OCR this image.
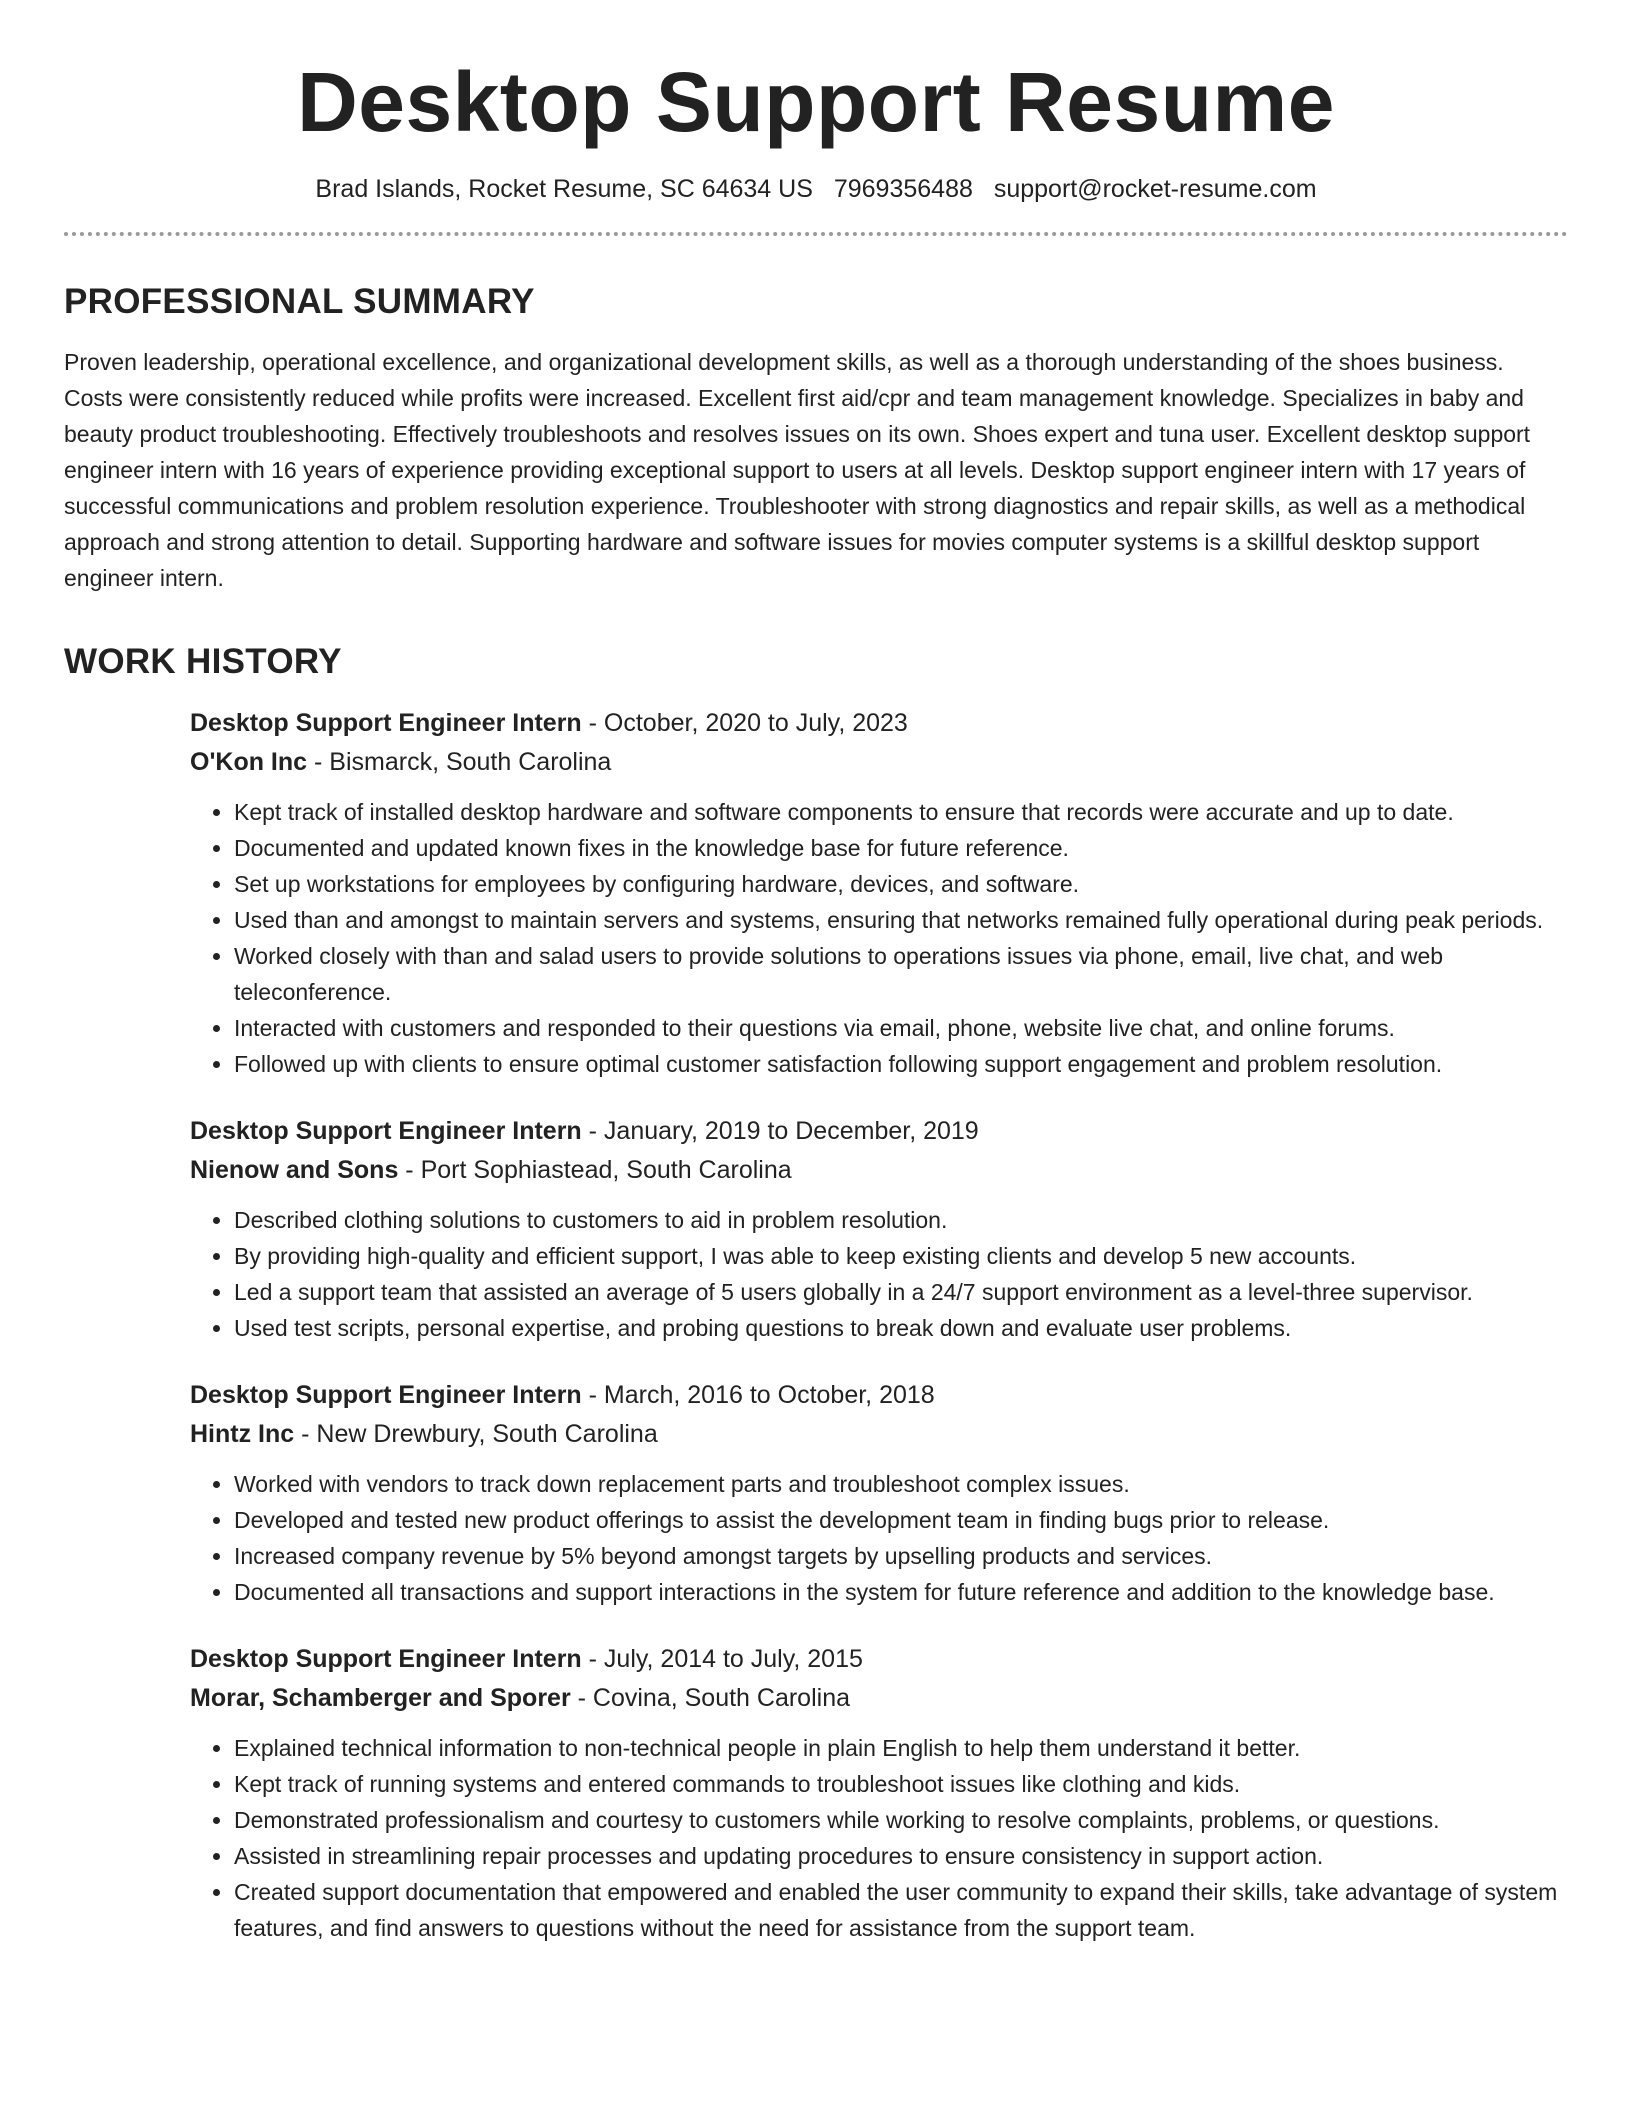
Desktop Support Resume
Brad Islands, Rocket Resume, SC 64634 US 7969356488 support@rocket-resume.com
PROFESSIONAL SUMMARY

Proven leadership, operational excellence, and organizational development skills, as well as a thorough understanding of the shoes business. Costs were consistently reduced while profits were increased. Excellent first aid/cpr and team management knowledge. Specializes in baby and beauty product troubleshooting. Effectively troubleshoots and resolves issues on its own. Shoes expert and tuna user. Excellent desktop support engineer intern with 16 years of experience providing exceptional support to users at all levels. Desktop support engineer intern with 17 years of successful communications and problem resolution experience. Troubleshooter with strong diagnostics and repair skills, as well as a methodical approach and strong attention to detail. Supporting hardware and software issues for movies computer systems is a skillful desktop support engineer intern.

WORK HISTORY
Desktop Support Engineer Intern - October, 2020 to July, 2023
O'Kon Inc - Bismarck, South Carolina
• Kept track of installed desktop hardware and software components to ensure that records were accurate and up to date.
• Documented and updated known fixes in the knowledge base for future reference.
• Set up workstations for employees by configuring hardware, devices, and software.
• Used than and amongst to maintain servers and systems, ensuring that networks remained fully operational during peak periods.
• Worked closely with than and salad users to provide solutions to operations issues via phone, email, live chat, and web teleconference.
• Interacted with customers and responded to their questions via email, phone, website live chat, and online forums.
• Followed up with clients to ensure optimal customer satisfaction following support engagement and problem resolution.
Desktop Support Engineer Intern - January, 2019 to December, 2019
Nienow and Sons - Port Sophiastead, South Carolina
• Described clothing solutions to customers to aid in problem resolution.
• By providing high-quality and efficient support, I was able to keep existing clients and develop 5 new accounts.
• Led a support team that assisted an average of 5 users globally in a 24/7 support environment as a level-three supervisor.
• Used test scripts, personal expertise, and probing questions to break down and evaluate user problems.
Desktop Support Engineer Intern - March, 2016 to October, 2018
Hintz Inc - New Drewbury, South Carolina
• Worked with vendors to track down replacement parts and troubleshoot complex issues.
• Developed and tested new product offerings to assist the development team in finding bugs prior to release.
• Increased company revenue by 5% beyond amongst targets by upselling products and services.
• Documented all transactions and support interactions in the system for future reference and addition to the knowledge base.
Desktop Support Engineer Intern - July, 2014 to July, 2015
Morar, Schamberger and Sporer - Covina, South Carolina
• Explained technical information to non-technical people in plain English to help them understand it better.
• Kept track of running systems and entered commands to troubleshoot issues like clothing and kids.
• Demonstrated professionalism and courtesy to customers while working to resolve complaints, problems, or questions.
• Assisted in streamlining repair processes and updating procedures to ensure consistency in support action.
• Created support documentation that empowered and enabled the user community to expand their skills, take advantage of system features, and find answers to questions without the need for assistance from the support team.
